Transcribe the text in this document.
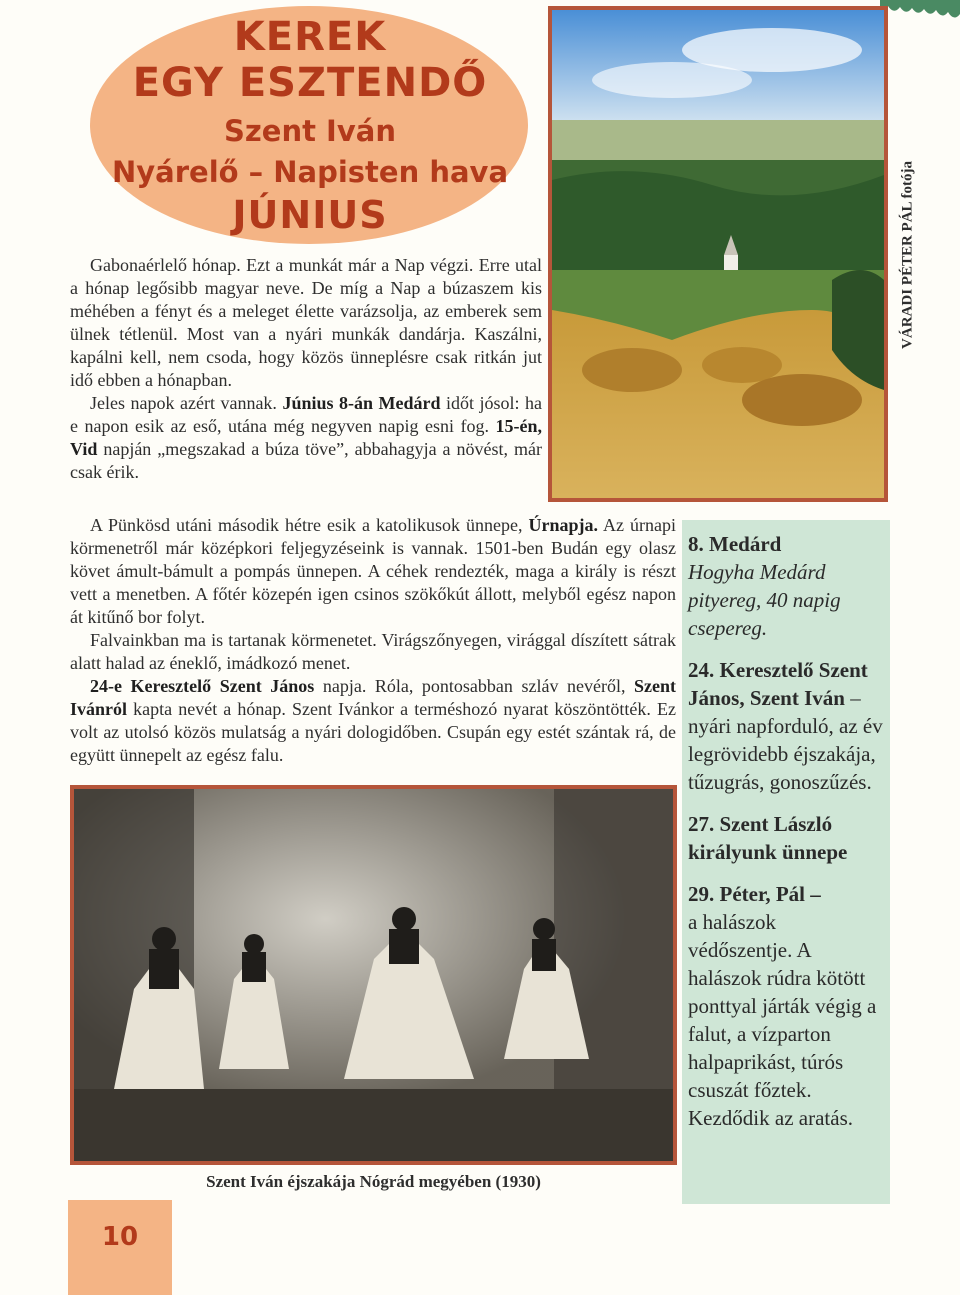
KEREK
EGY ESZTENDŐ
Szent Iván
Nyárelő – Napisten hava
JÚNIUS	VÁRADI PÉTER PÁL fotója

Gabonaérlelő hónap. Ezt a munkát már a Nap végzi. Erre utal a hónap legősibb magyar neve. De míg a Nap a búzaszem kis méhében a fényt és a meleget élette varázsolja, az emberek sem ülnek tétlenül. Most van a nyári munkák dandárja. Kaszálni, kapálni kell, nem csoda, hogy közös ünneplésre csak ritkán jut idő ebben a hónapban.

Jeles napok azért vannak. Június 8-án Medárd időt jósol: ha e napon esik az eső, utána még negyven napig esni fog. 15-én, Vid napján „megszakad a búza töve”, abbahagyja a növést, már csak érik.

A Pünkösd utáni második hétre esik a katolikusok ünnepe, Úrnapja. Az úrnapi körmenetről már középkori feljegyzéseink is vannak. 1501-ben Budán egy olasz követ ámult-bámult a pompás ünnepen. A céhek rendezték, maga a király is részt vett a menetben. A főtér közepén igen csinos szökőkút állott, melyből egész napon át kitűnő bor folyt.

Falvainkban ma is tartanak körmenetet. Virágszőnyegen, virággal díszített sátrak alatt halad az éneklő, imádkozó menet.

24-e Keresztelő Szent János napja. Róla, pontosabban szláv nevéről, Szent Ivánról kapta nevét a hónap. Szent Ivánkor a terméshozó nyarat köszöntötték. Ez volt az utolsó közös mulatság a nyári dologidőben. Csupán egy estét szántak rá, de együtt ünnepelt az egész falu.

8. Medárd
Hogyha Medárd pityereg, 40 napig csepereg.
24. Keresztelő Szent János, Szent Iván – nyári napforduló, az év legrövidebb éjszakája, tűzugrás, gonoszűzés.
27. Szent László királyunk ünnepe
29. Péter, Pál –
a halászok védőszentje. A halászok rúdra kötött ponttyal járták végig a falut, a vízparton halpaprikást, túrós csuszát főztek.
Kezdődik az aratás.
Szent Iván éjszakája Nógrád megyében (1930)
10
